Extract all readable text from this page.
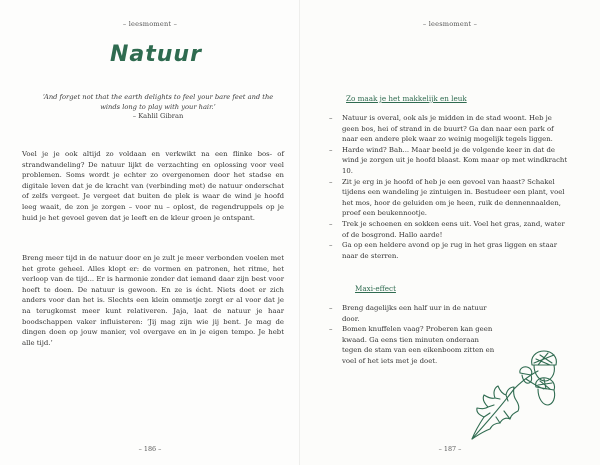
– leesmoment –
Natuur
‘And forget not that the earth delights to feel your bare feet and the winds long to play with your hair.’
– Kahlil Gibran
Voel je je ook altijd zo voldaan en verkwikt na een flinke bos- of strandwandeling? De natuur lijkt de verzachting en oplossing voor veel problemen. Soms wordt je echter zo overgenomen door het stadse en digitale leven dat je de kracht van (verbinding met) de natuur onderschat of zelfs vergeet. Je vergeet dat buiten de plek is waar de wind je hoofd leeg waait, de zon je zorgen – voor nu – oplost, de regendruppels op je huid je het gevoel geven dat je leeft en de kleur groen je ontspant.
Breng meer tijd in de natuur door en je zult je meer verbonden voelen met het grote geheel. Alles klopt er: de vormen en patronen, het ritme, het verloop van de tijd... Er is harmonie zonder dat iemand daar zijn best voor hoeft te doen. De natuur is gewoon. En ze is écht. Niets doet er zich anders voor dan het is. Slechts een klein ommetje zorgt er al voor dat je na terugkomst meer kunt relativeren. Jaja, laat de natuur je haar boodschappen vaker influisteren: ‘Jij mag zijn wie jij bent. Je mag de dingen doen op jouw manier, vol overgave en in je eigen tempo. Je hebt alle tijd.’
– 186 –
– leesmoment –
Zo maak je het makkelijk en leuk
– Natuur is overal, ook als je midden in de stad woont. Heb je geen bos, hei of strand in de buurt? Ga dan naar een park of naar een andere plek waar zo weinig mogelijk tegels liggen.
– Harde wind? Bah... Maar beeld je de volgende keer in dat de wind je zorgen uit je hoofd blaast. Kom maar op met windkracht 10.
– Zit je erg in je hoofd of heb je een gevoel van haast? Schakel tijdens een wandeling je zintuigen in. Bestudeer een plant, voel het mos, hoor de geluiden om je heen, ruik de dennennaalden, proef een beukennootje.
– Trek je schoenen en sokken eens uit. Voel het gras, zand, water of de bosgrond. Hallo aarde!
– Ga op een heldere avond op je rug in het gras liggen en staar naar de sterren.
Maxi-effect
– Breng dagelijks een half uur in de natuur door.
– Bomen knuffelen vaag? Proberen kan geen kwaad. Ga eens tien minuten onderaan tegen de stam van een eikenboom zitten en voel of het iets met je doet.
– 187 –
